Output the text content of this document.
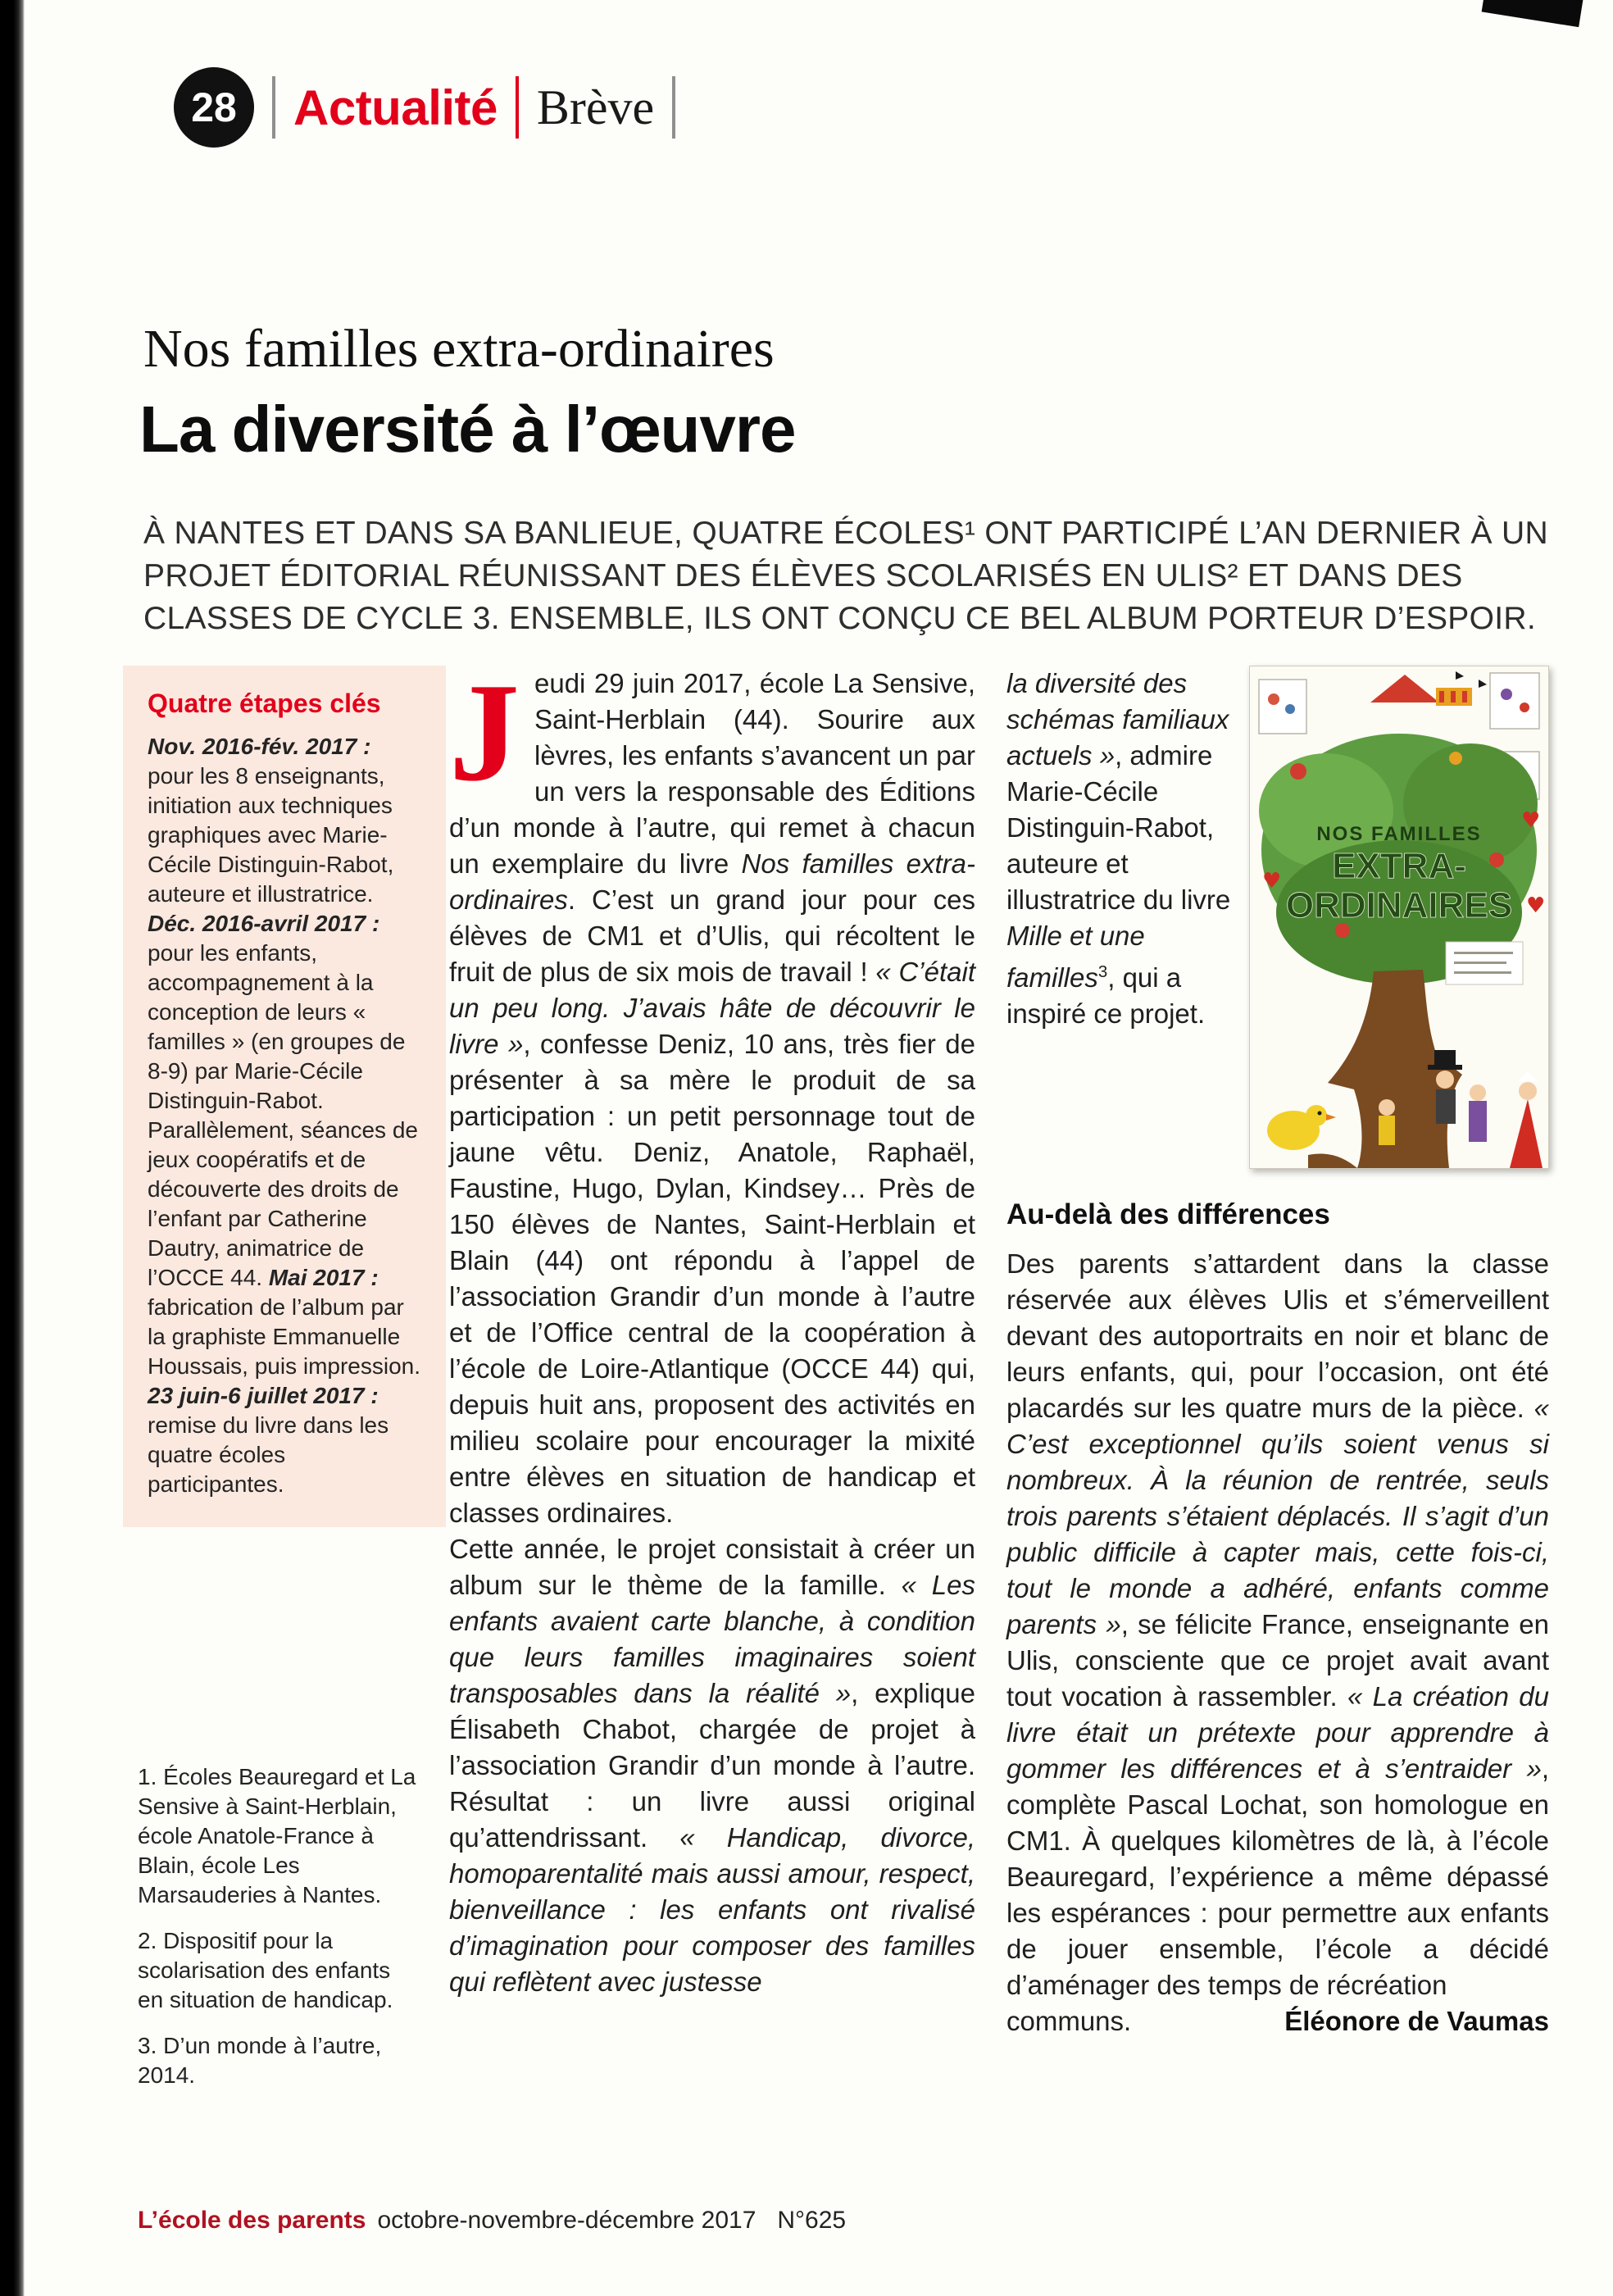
28 Actualité Brève
Nos familles extra-ordinaires
La diversité à l’œuvre
À NANTES ET DANS SA BANLIEUE, QUATRE ÉCOLES¹ ONT PARTICIPÉ L’AN DERNIER À UN PROJET ÉDITORIAL RÉUNISSANT DES ÉLÈVES SCOLARISÉS EN ULIS² ET DANS DES CLASSES DE CYCLE 3. ENSEMBLE, ILS ONT CONÇU CE BEL ALBUM PORTEUR D’ESPOIR.
Quatre étapes clés
Nov. 2016-fév. 2017 : pour les 8 enseignants, initiation aux techniques graphiques avec Marie-Cécile Distinguin-Rabot, auteure et illustratrice. Déc. 2016-avril 2017 : pour les enfants, accompagnement à la conception de leurs « familles » (en groupes de 8-9) par Marie-Cécile Distinguin-Rabot. Parallèlement, séances de jeux coopératifs et de découverte des droits de l’enfant par Catherine Dautry, animatrice de l’OCCE 44. Mai 2017 : fabrication de l’album par la graphiste Emmanuelle Houssais, puis impression. 23 juin-6 juillet 2017 : remise du livre dans les quatre écoles participantes.
1. Écoles Beauregard et La Sensive à Saint-Herblain, école Anatole-France à Blain, école Les Marsauderies à Nantes.
2. Dispositif pour la scolarisation des enfants en situation de handicap.
3. D’un monde à l’autre, 2014.
Jeudi 29 juin 2017, école La Sensive, Saint-Herblain (44). Sourire aux lèvres, les enfants s’avancent un par un vers la responsable des Éditions d’un monde à l’autre, qui remet à chacun un exemplaire du livre Nos familles extra-ordinaires. C’est un grand jour pour ces élèves de CM1 et d’Ulis, qui récoltent le fruit de plus de six mois de travail ! « C’était un peu long. J’avais hâte de découvrir le livre », confesse Deniz, 10 ans, très fier de présenter à sa mère le produit de sa participation : un petit personnage tout de jaune vêtu. Deniz, Anatole, Raphaël, Faustine, Hugo, Dylan, Kindsey… Près de 150 élèves de Nantes, Saint-Herblain et Blain (44) ont répondu à l’appel de l’association Grandir d’un monde à l’autre et de l’Office central de la coopération à l’école de Loire-Atlantique (OCCE 44) qui, depuis huit ans, proposent des activités en milieu scolaire pour encourager la mixité entre élèves en situation de handicap et classes ordinaires.
Cette année, le projet consistait à créer un album sur le thème de la famille. « Les enfants avaient carte blanche, à condition que leurs familles imaginaires soient transposables dans la réalité », explique Élisabeth Chabot, chargée de projet à l’association Grandir d’un monde à l’autre. Résultat : un livre aussi original qu’attendrissant. « Handicap, divorce, homoparentalité mais aussi amour, respect, bienveillance : les enfants ont rivalisé d’imagination pour composer des familles qui reflètent avec justesse
la diversité des schémas familiaux actuels », admire Marie-Cécile Distinguin-Rabot, auteure et illustratrice du livre Mille et une familles$^3$, qui a inspiré ce projet.
♥
♥
♥
NOS FAMILLES
EXTRA-
ORDINAIRES
Au-delà des différences
Des parents s’attardent dans la classe réservée aux élèves Ulis et s’émerveillent devant des autoportraits en noir et blanc de leurs enfants, qui, pour l’occasion, ont été placardés sur les quatre murs de la pièce. « C’est exceptionnel qu’ils soient venus si nombreux. À la réunion de rentrée, seuls trois parents s’étaient déplacés. Il s’agit d’un public difficile à capter mais, cette fois-ci, tout le monde a adhéré, enfants comme parents », se félicite France, enseignante en Ulis, consciente que ce projet avait avant tout vocation à rassembler. « La création du livre était un prétexte pour apprendre à gommer les différences et à s’entraider », complète Pascal Lochat, son homologue en CM1. À quelques kilomètres de là, à l’école Beauregard, l’expérience a même dépassé les espérances : pour permettre aux enfants de jouer ensemble, l’école a décidé d’aménager des temps de récréation
communs.	Éléonore de Vaumas
L’école des parents octobre-novembre-décembre 2017 N°625
